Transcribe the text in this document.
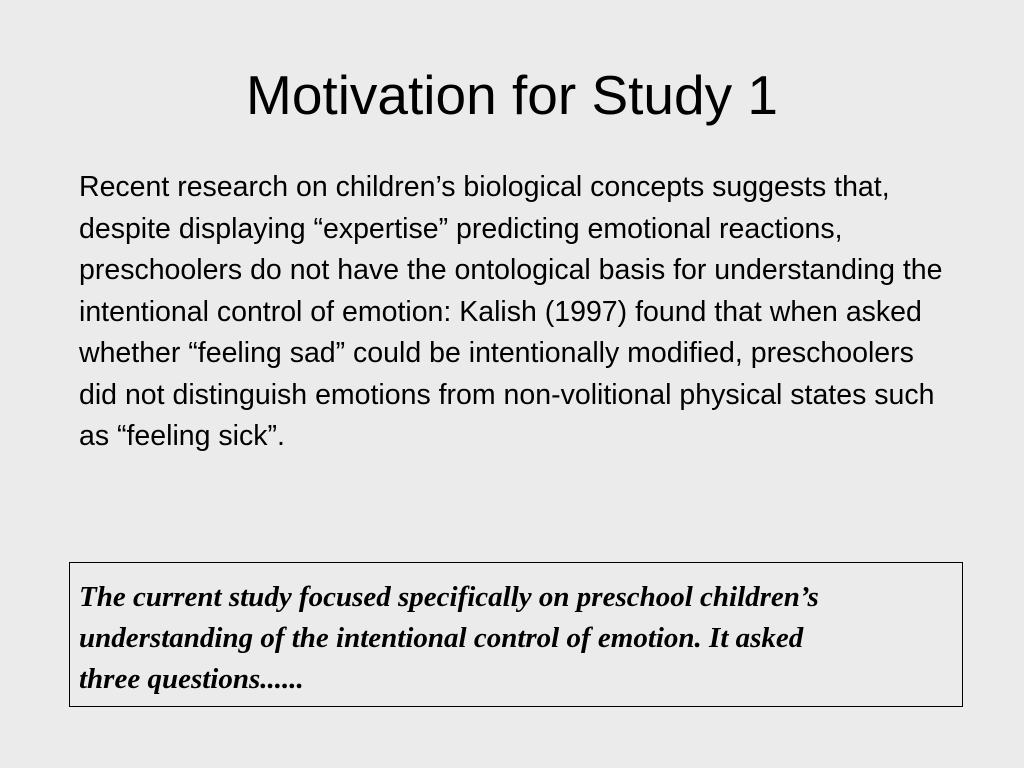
Motivation for Study 1

Recent research on children’s biological concepts suggests that, despite displaying “expertise” predicting emotional reactions, preschoolers do not have the ontological basis for understanding the intentional control of emotion: Kalish (1997) found that when asked whether “feeling sad” could be intentionally modified, preschoolers did not distinguish emotions from non-volitional physical states such as “feeling sick”.

The current study focused specifically on preschool children’s understanding of the intentional control of emotion. It asked three questions......
